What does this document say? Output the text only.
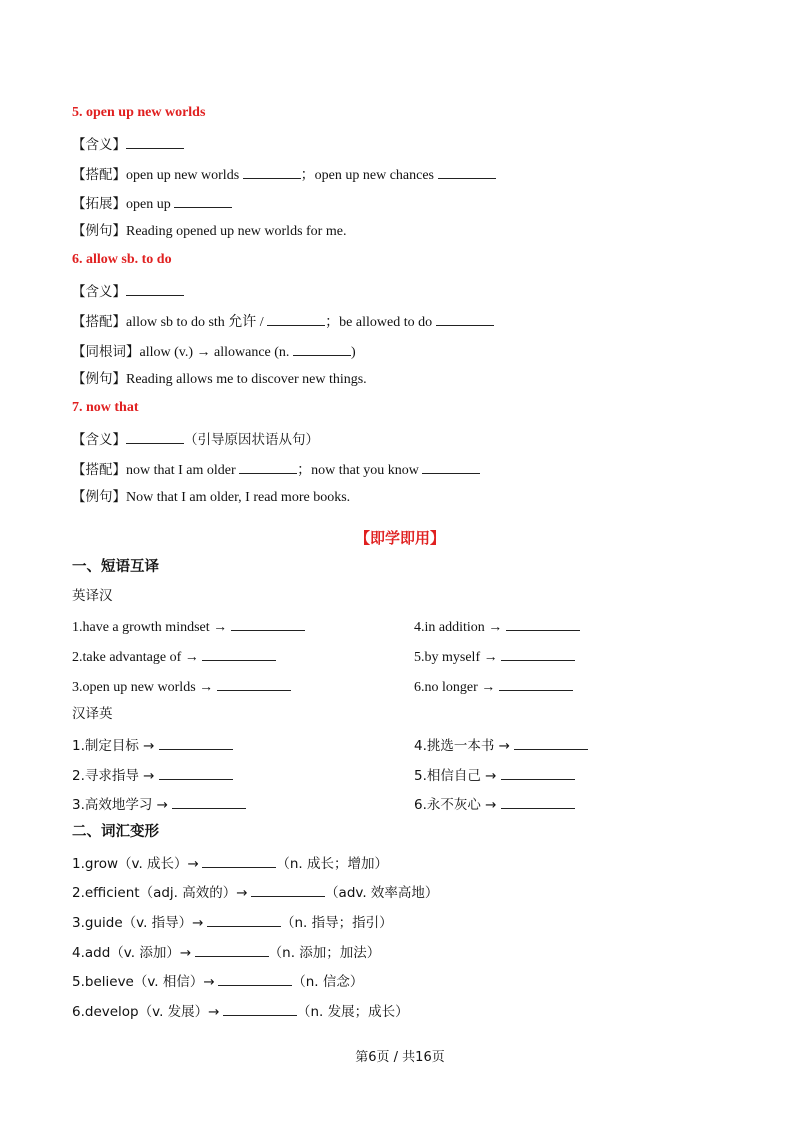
5. open up new worlds
【含义】
【搭配】open up new worlds	；open up new chances
【拓展】open up
【例句】Reading opened up new worlds for me.
6. allow sb. to do
【含义】
【搭配】allow sb to do sth 允许 /	；be allowed to do
【同根词】allow (v.) → allowance (n.	)
【例句】Reading allows me to discover new things.
7. now that
【含义】	（引导原因状语从句）
【搭配】now that I am older	；now that you know
【例句】Now that I am older, I read more books.
【即学即用】
一、短语互译
英译汉
1.have a growth mindset →	4.in addition →
2.take advantage of →	5.by myself →
3.open up new worlds →	6.no longer →
汉译英
1.制定目标 →	4.挑选一本书 →
2.寻求指导 →	5.相信自己 →
3.高效地学习 →	6.永不灰心 →
二、词汇变形
1.grow（v. 成长）→	（n. 成长；增加）
2.efficient（adj. 高效的）→	（adv. 效率高地）
3.guide（v. 指导）→	（n. 指导；指引）
4.add（v. 添加）→	（n. 添加；加法）
5.believe（v. 相信）→	（n. 信念）
6.develop（v. 发展）→	（n. 发展；成长）
第6页 / 共16页
